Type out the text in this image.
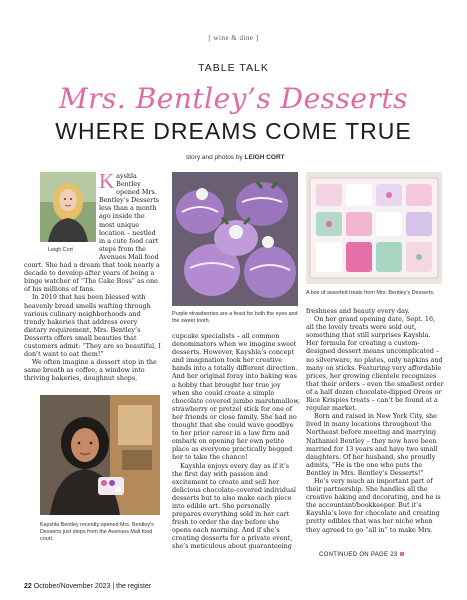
[ wine & dine ]
TABLE TALK
Mrs. Bentley’s Desserts
WHERE DREAMS COME TRUE
story and photos by LEIGH CORT
Leigh Cort

Kayshla Bentley opened Mrs. Bentley’s Desserts less than a month ago inside the most unique location – nestled in a cute food cart steps from the Avenues Mall food court. She had a dream that took nearly a decade to develop after years of being a binge watcher of “The Cake Boss” as one of his millions of fans.

In 2019 that has been blessed with heavenly bread smells wafting through various culinary neighborhoods and trendy bakeries that address every dietary requirement, Mrs. Bentley’s Desserts offers small beauties that customers admit: “They are so beautiful, I don’t want to eat them!”

We often imagine a dessert stop in the same breath as coffee, a window into thriving bakeries, doughnut shops,

Kayshla Bentley recently opened Mrs. Bentley’s Desserts just steps from the Avenues Mall food court.
Purple strawberries are a feast for both the eyes and the sweet tooth.

cupcake specialists – all common denominators when we imagine sweet desserts. However, Kayshla’s concept and imagination took her creative hands into a totally different direction. And her original foray into baking was a hobby that brought her true joy when she could create a simple chocolate covered jumbo marshmallow, strawberry or pretzel stick for one of her friends or close family. She had no thought that she could wave goodbye to her prior career in a law firm and embark on opening her own petite place as everyone practically begged her to take the chance!

Kayshla enjoys every day as if it’s the first day with passion and excitement to create and sell her delicious chocolate-covered individual desserts but to also make each piece into edible art. She personally prepares everything sold in her cart fresh to order the day before she opens each morning. And if she’s creating desserts for a private event, she’s meticulous about guaranteeing

A box of assorted treats from Mrs. Bentley’s Desserts.

freshness and beauty every day.

On her grand opening date, Sept. 16, all the lovely treats were sold out, something that still surprises Kayshla. Her formula for creating a custom-designed dessert means uncomplicated – no silverware, no plates, only napkins and many on sticks. Featuring very affordable prices, her growing clientele recognizes that their orders – even the smallest order of a half dozen chocolate-dipped Oreos or Rice Krispies treats – can’t be found at a regular market.

Born and raised in New York City, she lived in many locations throughout the Northeast before meeting and marrying Nathaniel Bentley – they now have been married for 13 years and have two small daughters. Of her husband, she proudly admits, “He is the one who puts the Bentley in Mrs. Bentley’s Desserts!”

He’s very much an important part of their partnership. She handles all the creative baking and decorating, and he is the accountant/bookkeeper. But it’s Kayshla’s love for chocolate and creating pretty edibles that was her niche when they agreed to go “all in” to make Mrs.

CONTINUED ON PAGE 23
22 October/November 2023 | the register
